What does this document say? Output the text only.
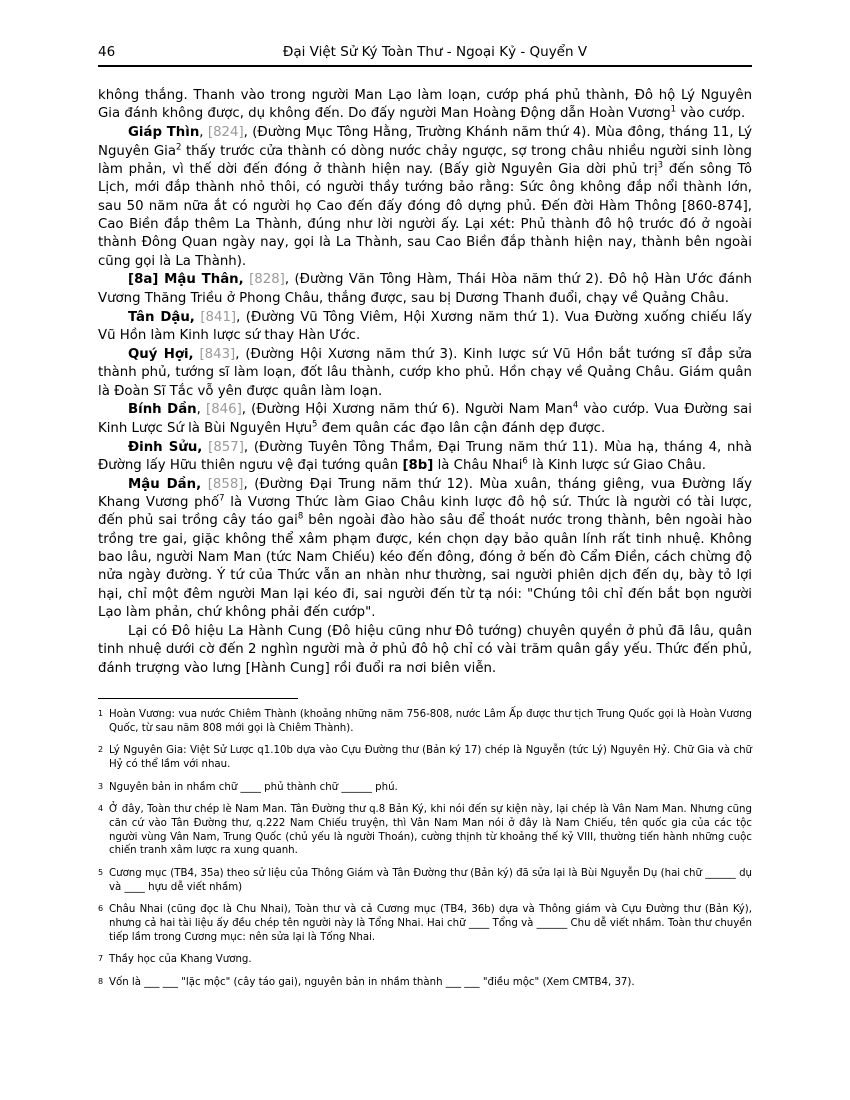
46	Đại Việt Sử Ký Toàn Thư - Ngoại Kỷ - Quyển V

không thắng. Thanh vào trong người Man Lạo làm loạn, cướp phá phủ thành, Đô hộ Lý Nguyên Gia đánh không được, dụ không đến. Do đấy người Man Hoàng Động dẫn Hoàn Vương$^1$ vào cướp.

Giáp Thìn, [824], (Đường Mục Tông Hằng, Trường Khánh năm thứ 4). Mùa đông, tháng 11, Lý Nguyên Gia$^2$ thấy trước cửa thành có dòng nước chảy ngược, sợ trong châu nhiều người sinh lòng làm phản, vì thế dời đến đóng ở thành hiện nay. (Bấy giờ Nguyên Gia dời phủ trị$^3$ đến sông Tô Lịch, mới đắp thành nhỏ thôi, có người thầy tướng bảo rằng: Sức ông không đắp nổi thành lớn, sau 50 năm nữa ắt có người họ Cao đến đấy đóng đô dựng phủ. Đến đời Hàm Thông [860-874], Cao Biền đắp thêm La Thành, đúng như lời người ấy. Lại xét: Phủ thành đô hộ trước đó ở ngoài thành Đông Quan ngày nay, gọi là La Thành, sau Cao Biền đắp thành hiện nay, thành bên ngoài cũng gọi là La Thành).

[8a] Mậu Thân, [828], (Đường Văn Tông Hàm, Thái Hòa năm thứ 2). Đô hộ Hàn Ước đánh Vương Thăng Triều ở Phong Châu, thắng được, sau bị Dương Thanh đuổi, chạy về Quảng Châu.

Tân Dậu, [841], (Đường Vũ Tông Viêm, Hội Xương năm thứ 1). Vua Đường xuống chiếu lấy Vũ Hồn làm Kinh lược sứ thay Hàn Ước.

Quý Hợi, [843], (Đường Hội Xương năm thứ 3). Kinh lược sứ Vũ Hồn bắt tướng sĩ đắp sửa thành phủ, tướng sĩ làm loạn, đốt lâu thành, cướp kho phủ. Hồn chạy về Quảng Châu. Giám quân là Đoàn Sĩ Tắc vỗ yên được quân làm loạn.

Bính Dần, [846], (Đường Hội Xương năm thứ 6). Người Nam Man$^4$ vào cướp. Vua Đường sai Kinh Lược Sứ là Bùi Nguyên Hựu$^5$ đem quân các đạo lân cận đánh dẹp được.

Đinh Sửu, [857], (Đường Tuyên Tông Thầm, Đại Trung năm thứ 11). Mùa hạ, tháng 4, nhà Đường lấy Hữu thiên ngưu vệ đại tướng quân [8b] là Châu Nhai$^6$ là Kinh lược sứ Giao Châu.

Mậu Dần, [858], (Đường Đại Trung năm thứ 12). Mùa xuân, tháng giêng, vua Đường lấy Khang Vương phố$^7$ là Vương Thức làm Giao Châu kinh lược đô hộ sứ. Thức là người có tài lược, đến phủ sai trồng cây táo gai$^8$ bên ngoài đào hào sâu để thoát nước trong thành, bên ngoài hào trồng tre gai, giặc không thể xâm phạm được, kén chọn dạy bảo quân lính rất tinh nhuệ. Không bao lâu, người Nam Man (tức Nam Chiếu) kéo đến đông, đóng ở bến đò Cẩm Điền, cách chừng độ nửa ngày đường. Ý tứ của Thức vẫn an nhàn như thường, sai người phiên dịch đến dụ, bày tỏ lợi hại, chỉ một đêm người Man lại kéo đi, sai người đến từ tạ nói: "Chúng tôi chỉ đến bắt bọn người Lạo làm phản, chứ không phải đến cướp".

Lại có Đô hiệu La Hành Cung (Đô hiệu cũng như Đô tướng) chuyên quyền ở phủ đã lâu, quân tinh nhuệ dưới cờ đến 2 nghìn người mà ở phủ đô hộ chỉ có vài trăm quân gầy yếu. Thức đến phủ, đánh trượng vào lưng [Hành Cung] rồi đuổi ra nơi biên viễn.

1 Hoàn Vương: vua nước Chiêm Thành (khoảng những năm 756-808, nước Lâm Ấp được thư tịch Trung Quốc gọi là Hoàn Vương Quốc, từ sau năm 808 mới gọi là Chiêm Thành).
2 Lý Nguyên Gia: Việt Sử Lược q1.10b dựa vào Cựu Đường thư (Bản ký 17) chép là Nguyễn (tức Lý) Nguyên Hỷ. Chữ Gia và chữ Hỷ có thể lầm với nhau.
3 Nguyên bản in nhầm chữ ____ phủ thành chữ ______ phú.
4 Ở đây, Toàn thư chép lè Nam Man. Tân Đường thư q.8 Bản Ký, khi nói đến sự kiện này, lại chép là Vân Nam Man. Nhưng cũng căn cứ vào Tân Đường thư, q.222 Nam Chiếu truyện, thì Vân Nam Man nói ở đây là Nam Chiếu, tên quốc gia của các tộc người vùng Vân Nam, Trung Quốc (chủ yếu là người Thoán), cường thịnh từ khoảng thế kỷ VIII, thường tiến hành những cuộc chiến tranh xâm lược ra xung quanh.
5 Cương mục (TB4, 35a) theo sử liệu của Thông Giám và Tân Đường thư (Bản ký) đã sửa lại là Bùi Nguyễn Dụ (hai chữ ______ dụ và ____ hựu dễ viết nhầm)
6 Châu Nhai (cũng đọc là Chu Nhai), Toàn thư và cả Cương mục (TB4, 36b) dựa và Thông giám và Cựu Đường thư (Bản Ký), nhưng cả hai tài liệu ấy đều chép tên người này là Tổng Nhai. Hai chữ ____ Tổng và ______ Chu dễ viết nhầm. Toàn thư chuyền tiếp lầm trong Cương mục: nên sửa lại là Tống Nhai.
7 Thầy học của Khang Vương.
8 Vốn là ___ ___ "lặc mộc" (cây táo gai), nguyên bản in nhầm thành ___ ___ "điều mộc" (Xem CMTB4, 37).
